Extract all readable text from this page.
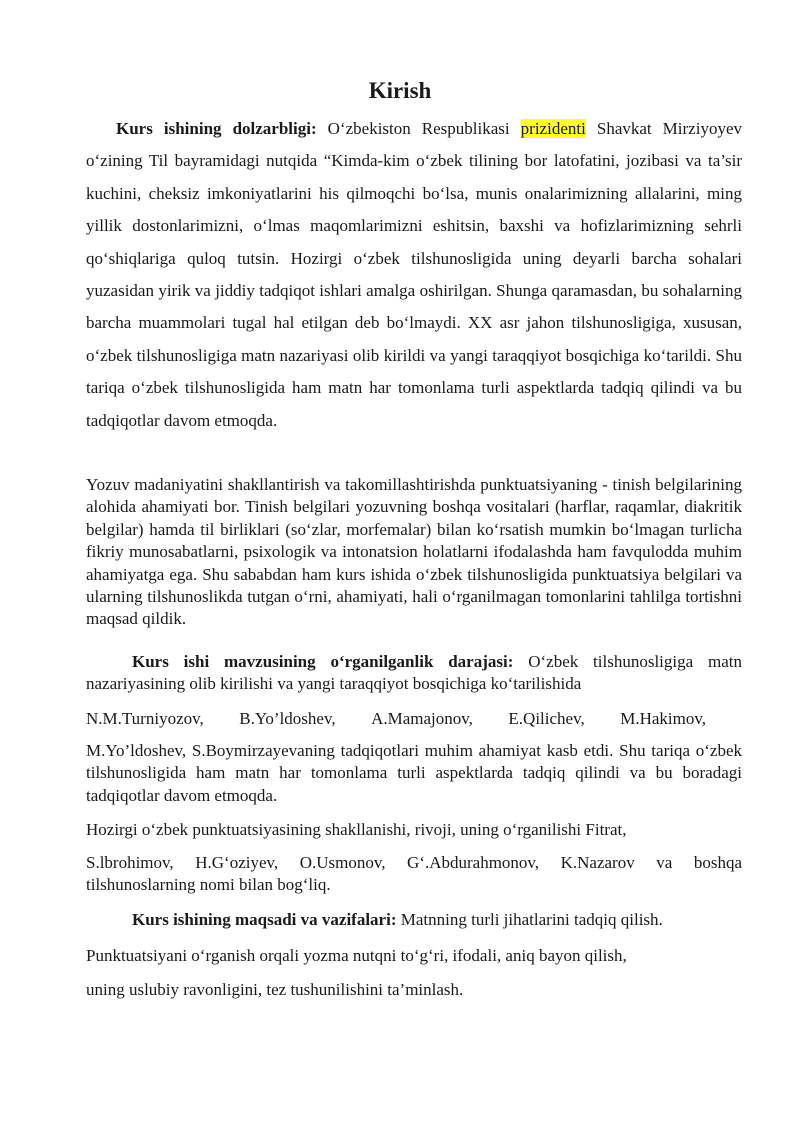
Kirish

Kurs ishining dolzarbligi: Oʻzbekiston Respublikasi prizidenti Shavkat Mirziyoyev oʻzining Til bayramidagi nutqida “Kimda-kim oʻzbek tilining bor latofatini, jozibasi va ta’sir kuchini, cheksiz imkoniyatlarini his qilmoqchi boʻlsa, munis onalarimizning allalarini, ming yillik dostonlarimizni, oʻlmas maqomlarimizni eshitsin, baxshi va hofizlarimizning sehrli qoʻshiqlariga quloq tutsin. Hozirgi oʻzbek tilshunosligida uning deyarli barcha sohalari yuzasidan yirik va jiddiy tadqiqot ishlari amalga oshirilgan. Shunga qaramasdan, bu sohalarning barcha muammolari tugal hal etilgan deb boʻlmaydi. XX asr jahon tilshunosligiga, xususan, oʻzbek tilshunosligiga matn nazariyasi olib kirildi va yangi taraqqiyot bosqichiga koʻtarildi. Shu tariqa oʻzbek tilshunosligida ham matn har tomonlama turli aspektlarda tadqiq qilindi va bu tadqiqotlar davom etmoqda.

Yozuv madaniyatini shakllantirish va takomillashtirishda punktuatsiyaning - tinish belgilarining alohida ahamiyati bor. Tinish belgilari yozuvning boshqa vositalari (harflar, raqamlar, diakritik belgilar) hamda til birliklari (soʻzlar, morfemalar) bilan koʻrsatish mumkin boʻlmagan turlicha fikriy munosabatlarni, psixologik va intonatsion holatlarni ifodalashda ham favqulodda muhim ahamiyatga ega. Shu sababdan ham kurs ishida oʻzbek tilshunosligida punktuatsiya belgilari va ularning tilshunoslikda tutgan oʻrni, ahamiyati, hali oʻrganilmagan tomonlarini tahlilga tortishni maqsad qildik.

Kurs ishi mavzusining oʻrganilganlik darajasi: Oʻzbek tilshunosligiga matn nazariyasining olib kirilishi va yangi taraqqiyot bosqichiga koʻtarilishida

N.M.Turniyozov, B.Yo’ldoshev, A.Mamajonov, E.Qilichev, M.Hakimov,

M.Yo’ldoshev, S.Boymirzayevaning tadqiqotlari muhim ahamiyat kasb etdi. Shu tariqa oʻzbek tilshunosligida ham matn har tomonlama turli aspektlarda tadqiq qilindi va bu boradagi tadqiqotlar davom etmoqda.

Hozirgi oʻzbek punktuatsiyasining shakllanishi, rivoji, uning oʻrganilishi Fitrat,

S.lbrohimov, H.Gʻoziyev, O.Usmonov, Gʻ.Abdurahmonov, K.Nazarov va boshqa tilshunoslarning nomi bilan bogʻliq.

Kurs ishining maqsadi va vazifalari: Matnning turli jihatlarini tadqiq qilish.

Punktuatsiyani oʻrganish orqali yozma nutqni toʻgʻri, ifodali, aniq bayon qilish,

uning uslubiy ravonligini, tez tushunilishini ta’minlash.
